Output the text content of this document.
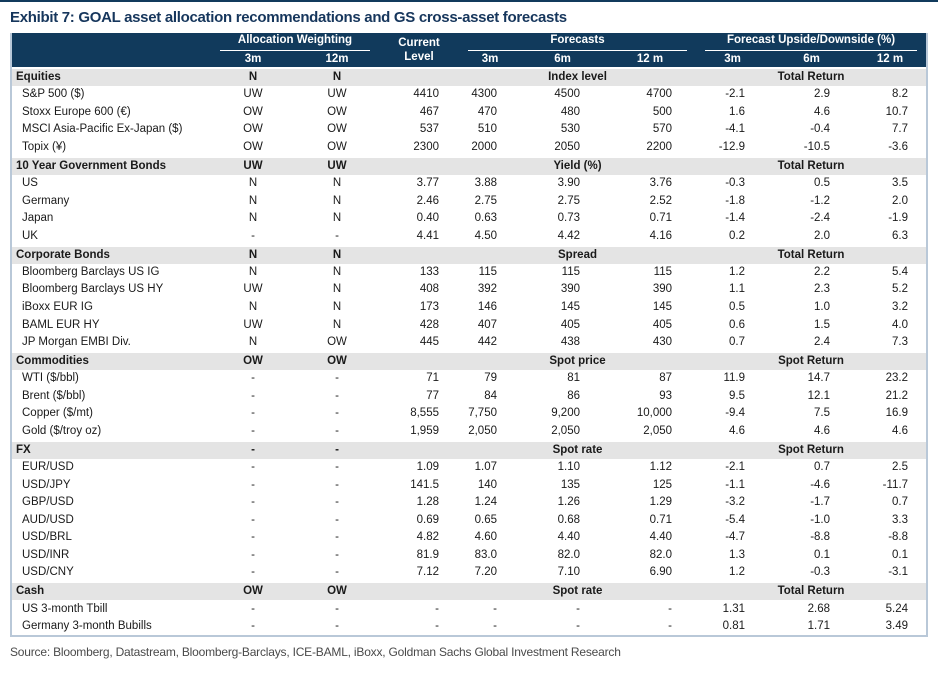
Exhibit 7: GOAL asset allocation recommendations and GS cross-asset forecasts

	Allocation Weighting		Current
Level	Forecasts			Forecast Upside/Downside (%)		

	3m	12m		3m	6m	12 m	3m	6m	12 m
Equities	N	N		Index level			Total Return		
S&P 500 ($)	UW	UW	4410	4300	4500	4700	-2.1	2.9	8.2
Stoxx Europe 600 (€)	OW	OW	467	470	480	500	1.6	4.6	10.7
MSCI Asia-Pacific Ex-Japan ($)	OW	OW	537	510	530	570	-4.1	-0.4	7.7
Topix (¥)	OW	OW	2300	2000	2050	2200	-12.9	-10.5	-3.6
10 Year Government Bonds	UW	UW		Yield (%)			Total Return		
US	N	N	3.77	3.88	3.90	3.76	-0.3	0.5	3.5
Germany	N	N	2.46	2.75	2.75	2.52	-1.8	-1.2	2.0
Japan	N	N	0.40	0.63	0.73	0.71	-1.4	-2.4	-1.9
UK	-	-	4.41	4.50	4.42	4.16	0.2	2.0	6.3
Corporate Bonds	N	N		Spread			Total Return		
Bloomberg Barclays US IG	N	N	133	115	115	115	1.2	2.2	5.4
Bloomberg Barclays US HY	UW	N	408	392	390	390	1.1	2.3	5.2
iBoxx EUR IG	N	N	173	146	145	145	0.5	1.0	3.2
BAML EUR HY	UW	N	428	407	405	405	0.6	1.5	4.0
JP Morgan EMBI Div.	N	OW	445	442	438	430	0.7	2.4	7.3
Commodities	OW	OW		Spot price			Spot Return		
WTI ($/bbl)	-	-	71	79	81	87	11.9	14.7	23.2
Brent ($/bbl)	-	-	77	84	86	93	9.5	12.1	21.2
Copper ($/mt)	-	-	8,555	7,750	9,200	10,000	-9.4	7.5	16.9
Gold ($/troy oz)	-	-	1,959	2,050	2,050	2,050	4.6	4.6	4.6
FX	-	-		Spot rate			Spot Return		
EUR/USD	-	-	1.09	1.07	1.10	1.12	-2.1	0.7	2.5
USD/JPY	-	-	141.5	140	135	125	-1.1	-4.6	-11.7
GBP/USD	-	-	1.28	1.24	1.26	1.29	-3.2	-1.7	0.7
AUD/USD	-	-	0.69	0.65	0.68	0.71	-5.4	-1.0	3.3
USD/BRL	-	-	4.82	4.60	4.40	4.40	-4.7	-8.8	-8.8
USD/INR	-	-	81.9	83.0	82.0	82.0	1.3	0.1	0.1
USD/CNY	-	-	7.12	7.20	7.10	6.90	1.2	-0.3	-3.1
Cash	OW	OW		Spot rate			Total Return		
US 3-month Tbill	-	-	-	-	-	-	1.31	2.68	5.24
Germany 3-month Bubills	-	-	-	-	-	-	0.81	1.71	3.49
Source: Bloomberg, Datastream, Bloomberg-Barclays, ICE-BAML, iBoxx, Goldman Sachs Global Investment Research
